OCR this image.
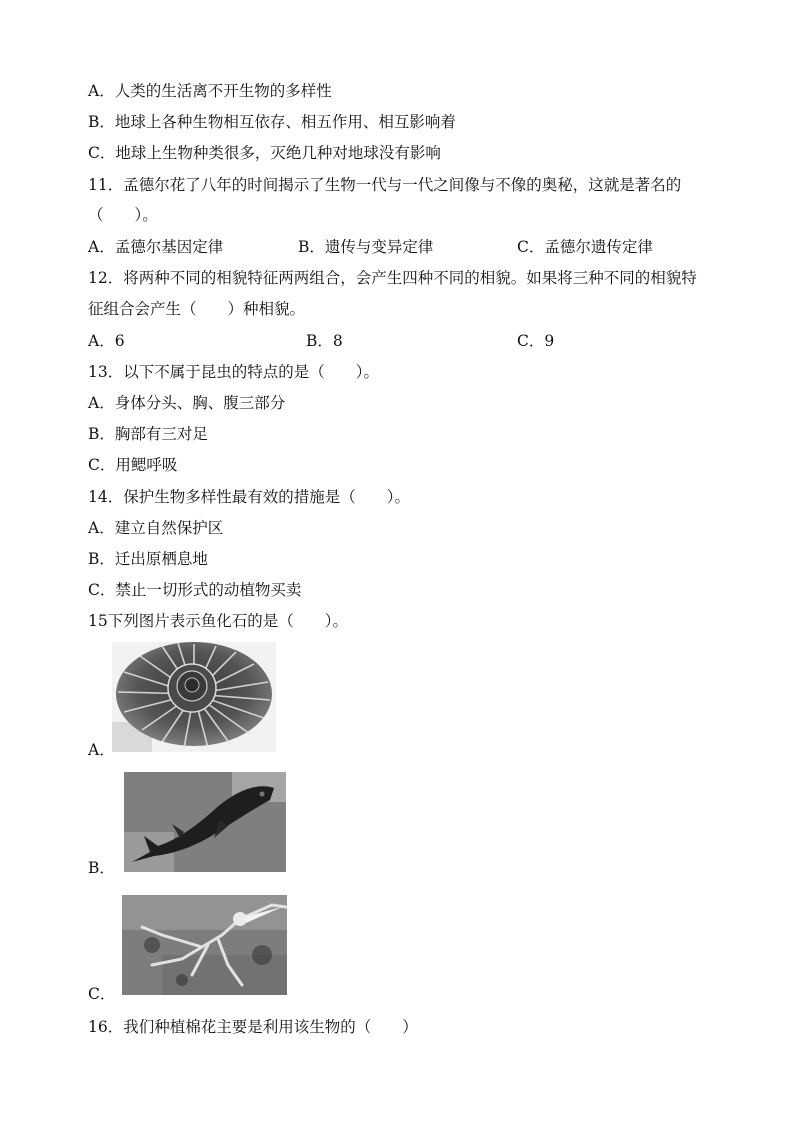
A．人类的生活离不开生物的多样性
B．地球上各种生物相互依存、相五作用、相互影响着
C．地球上生物种类很多，灭绝几种对地球没有影响
11．孟德尔花了八年的时间揭示了生物一代与一代之间像与不像的奥秘，这就是著名的
（　　）。
A．孟德尔基因定律	B．遗传与变异定律	C．孟德尔遗传定律
12．将两种不同的相貌特征两两组合，会产生四种不同的相貌。如果将三种不同的相貌特
征组合会产生（　　）种相貌。
A．6	B．8	C．9
13．以下不属于昆虫的特点的是（　　）。
A．身体分头、胸、腹三部分
B．胸部有三对足
C．用鳃呼吸
14．保护生物多样性最有效的措施是（　　）。
A．建立自然保护区
B．迁出原栖息地
C．禁止一切形式的动植物买卖
15下列图片表示鱼化石的是（　　）。
A．
B．
C．
16．我们种植棉花主要是利用该生物的（　　）
